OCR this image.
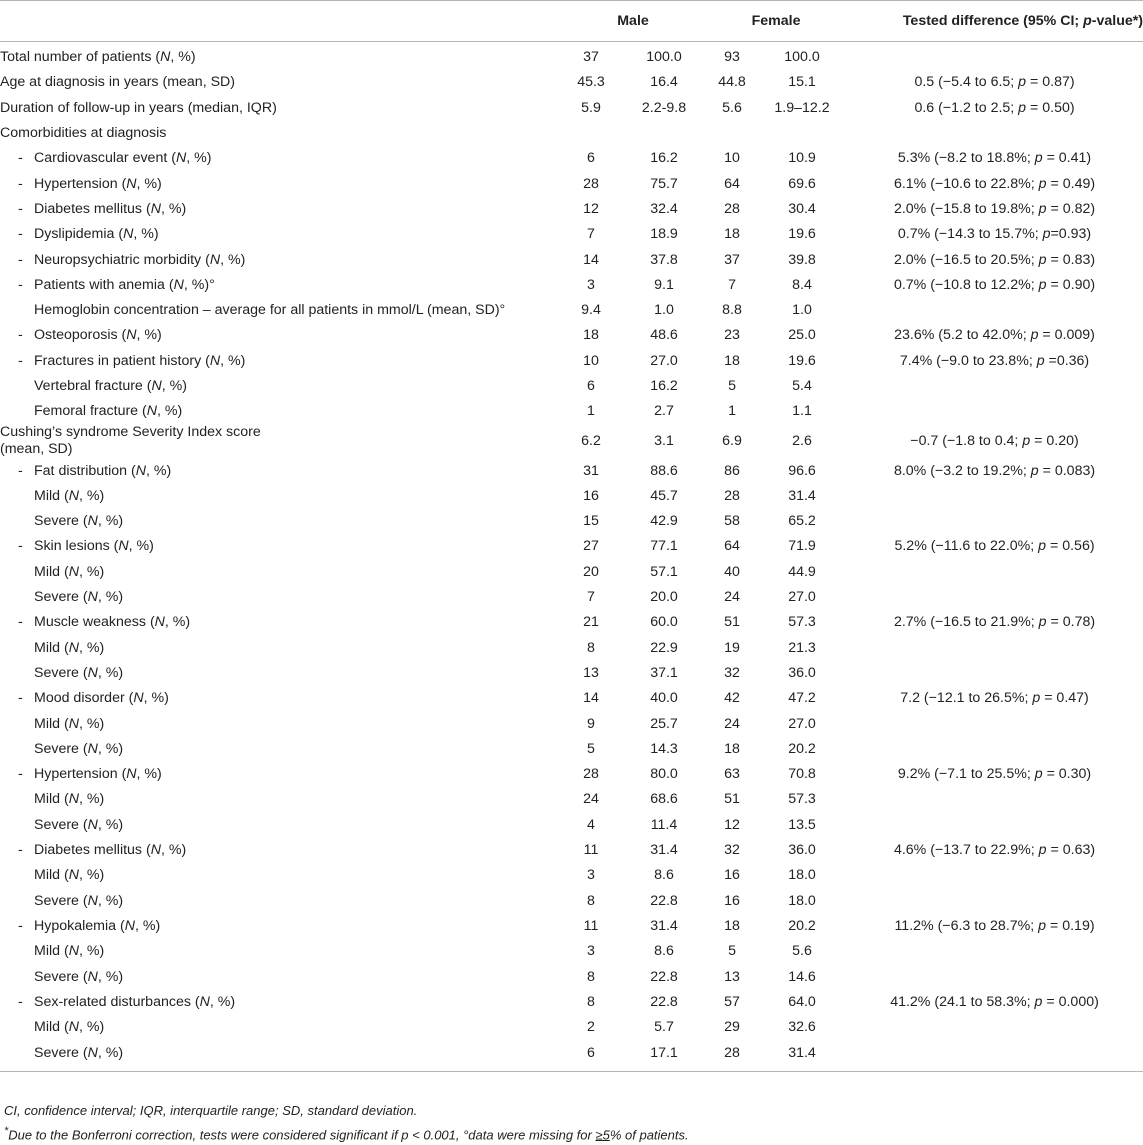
	Male		Female		Tested difference (95% CI; p-value*)
Total number of patients (N, %)	37	100.0	93	100.0	
Age at diagnosis in years (mean, SD)	45.3	16.4	44.8	15.1	0.5 (−5.4 to 6.5; p = 0.87)
Duration of follow-up in years (median, IQR)	5.9	2.2-9.8	5.6	1.9–12.2	0.6 (−1.2 to 2.5; p = 0.50)
Comorbidities at diagnosis					
-Cardiovascular event (N, %)	6	16.2	10	10.9	5.3% (−8.2 to 18.8%; p = 0.41)
-Hypertension (N, %)	28	75.7	64	69.6	6.1% (−10.6 to 22.8%; p = 0.49)
-Diabetes mellitus (N, %)	12	32.4	28	30.4	2.0% (−15.8 to 19.8%; p = 0.82)
-Dyslipidemia (N, %)	7	18.9	18	19.6	0.7% (−14.3 to 15.7%; p=0.93)
-Neuropsychiatric morbidity (N, %)	14	37.8	37	39.8	2.0% (−16.5 to 20.5%; p = 0.83)
-Patients with anemia (N, %)°	3	9.1	7	8.4	0.7% (−10.8 to 12.2%; p = 0.90)
Hemoglobin concentration – average for all patients in mmol/L (mean, SD)°	9.4	1.0	8.8	1.0	
-Osteoporosis (N, %)	18	48.6	23	25.0	23.6% (5.2 to 42.0%; p = 0.009)
-Fractures in patient history (N, %)	10	27.0	18	19.6	7.4% (−9.0 to 23.8%; p =0.36)
Vertebral fracture (N, %)	6	16.2	5	5.4	
Femoral fracture (N, %)	1	2.7	1	1.1	
Cushing’s syndrome Severity Index score
(mean, SD)	6.2	3.1	6.9	2.6	−0.7 (−1.8 to 0.4; p = 0.20)
-Fat distribution (N, %)	31	88.6	86	96.6	8.0% (−3.2 to 19.2%; p = 0.083)
Mild (N, %)	16	45.7	28	31.4	
Severe (N, %)	15	42.9	58	65.2	
-Skin lesions (N, %)	27	77.1	64	71.9	5.2% (−11.6 to 22.0%; p = 0.56)
Mild (N, %)	20	57.1	40	44.9	
Severe (N, %)	7	20.0	24	27.0	
-Muscle weakness (N, %)	21	60.0	51	57.3	2.7% (−16.5 to 21.9%; p = 0.78)
Mild (N, %)	8	22.9	19	21.3	
Severe (N, %)	13	37.1	32	36.0	
-Mood disorder (N, %)	14	40.0	42	47.2	7.2 (−12.1 to 26.5%; p = 0.47)
Mild (N, %)	9	25.7	24	27.0	
Severe (N, %)	5	14.3	18	20.2	
-Hypertension (N, %)	28	80.0	63	70.8	9.2% (−7.1 to 25.5%; p = 0.30)
Mild (N, %)	24	68.6	51	57.3	
Severe (N, %)	4	11.4	12	13.5	
-Diabetes mellitus (N, %)	11	31.4	32	36.0	4.6% (−13.7 to 22.9%; p = 0.63)
Mild (N, %)	3	8.6	16	18.0	
Severe (N, %)	8	22.8	16	18.0	
-Hypokalemia (N, %)	11	31.4	18	20.2	11.2% (−6.3 to 28.7%; p = 0.19)
Mild (N, %)	3	8.6	5	5.6	
Severe (N, %)	8	22.8	13	14.6	
-Sex-related disturbances (N, %)	8	22.8	57	64.0	41.2% (24.1 to 58.3%; p = 0.000)
Mild (N, %)	2	5.7	29	32.6	
Severe (N, %)	6	17.1	28	31.4	
CI, confidence interval; IQR, interquartile range; SD, standard deviation.
*Due to the Bonferroni correction, tests were considered significant if p < 0.001, °data were missing for ≥5% of patients.
